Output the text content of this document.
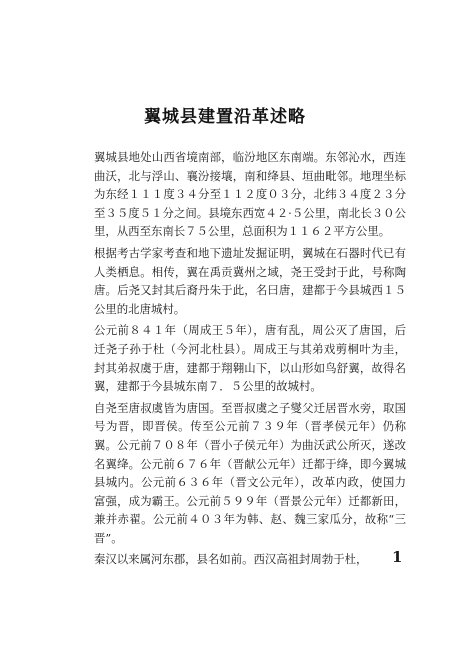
翼城县建置沿革述略

翼城县地处山西省境南部，临汾地区东南端。东邻沁水，西连曲沃，北与浮山、襄汾接壤，南和绛县、垣曲毗邻。地理坐标为东经１１１度３４分至１１２度０３分，北纬３４度２３分至３５度５１分之间。县境东西宽４２·５公里，南北长３０公里，从西至东南长７５公里，总面积为１１６２平方公里。

根据考古学家考查和地下遗址发掘证明，翼城在石器时代已有人类栖息。相传，翼在禹贡冀州之域，尧王受封于此，号称陶唐。后尧又封其后裔丹朱于此，名曰唐，建都于今县城西１５公里的北唐城村。

公元前８４１年（周成王５年），唐有乱，周公灭了唐国，后迁尧子孙于杜（今河北杜县）。周成王与其弟戏剪桐叶为圭，封其弟叔虞于唐，建都于翔翱山下，以山形如鸟舒翼，故得名翼，建都于今县城东南７．５公里的故城村。

自尧至唐叔虞皆为唐国。至晋叔虞之子燮父迁居晋水旁，取国号为晋，即晋侯。传至公元前７３９年（晋孝侯元年）仍称翼。公元前７０８年（晋小子侯元年）为曲沃武公所灭，遂改名翼绛。公元前６７６年（晋献公元年）迁都于绛，即今翼城县城内。公元前６３６年（晋文公元年），改革内政，使国力富强，成为霸王。公元前５９９年（晋景公元年）迁都新田，兼并赤翟。公元前４０３年为韩、赵、魏三家瓜分，故称“三晋”。

秦汉以来属河东郡，县名如前。西汉高祖封周勃于杜，	1
